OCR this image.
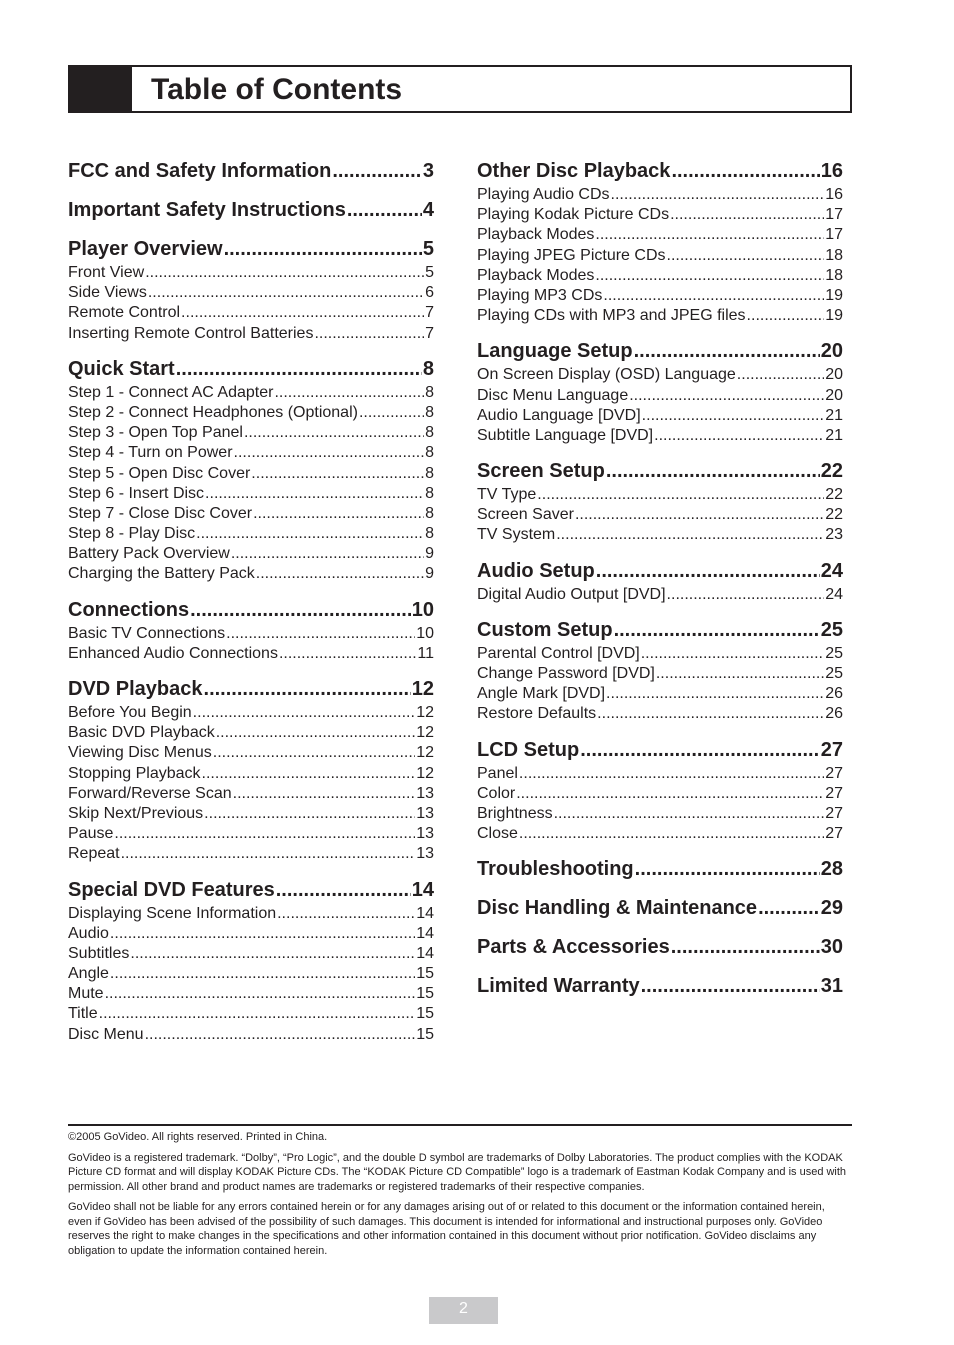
Table of Contents
FCC and Safety Information .....	3
Important Safety Instructions .....	4
Player Overview .....	5
Front View .....	5
Side Views .....	6
Remote Control .....	7
Inserting Remote Control Batteries .....	7
Quick Start .....	8
Step 1 - Connect AC Adapter .....	8
Step 2 - Connect Headphones (Optional) .....	8
Step 3 - Open Top Panel .....	8
Step 4 - Turn on Power .....	8
Step 5 - Open Disc Cover .....	8
Step 6 - Insert Disc .....	8
Step 7 - Close Disc Cover .....	8
Step 8 - Play Disc .....	8
Battery Pack Overview .....	9
Charging the Battery Pack .....	9
Connections .....	10
Basic TV Connections .....	10
Enhanced Audio Connections .....	11
DVD Playback .....	12
Before You Begin .....	12
Basic DVD Playback .....	12
Viewing Disc Menus .....	12
Stopping Playback .....	12
Forward/Reverse Scan .....	13
Skip Next/Previous .....	13
Pause .....	13
Repeat .....	13
Special DVD Features .....	14
Displaying Scene Information .....	14
Audio .....	14
Subtitles .....	14
Angle .....	15
Mute .....	15
Title .....	15
Disc Menu .....	15
Other Disc Playback .....	16
Playing Audio CDs .....	16
Playing Kodak Picture CDs .....	17
Playback Modes .....	17
Playing JPEG Picture CDs .....	18
Playback Modes .....	18
Playing MP3 CDs .....	19
Playing CDs with MP3 and JPEG files .....	19
Language Setup .....	20
On Screen Display (OSD) Language .....	20
Disc Menu Language .....	20
Audio Language [DVD] .....	21
Subtitle Language [DVD] .....	21
Screen Setup .....	22
TV Type .....	22
Screen Saver .....	22
TV System .....	23
Audio Setup .....	24
Digital Audio Output [DVD] .....	24
Custom Setup .....	25
Parental Control [DVD] .....	25
Change Password [DVD] .....	25
Angle Mark [DVD] .....	26
Restore Defaults .....	26
LCD Setup .....	27
Panel .....	27
Color .....	27
Brightness .....	27
Close .....	27
Troubleshooting .....	28
Disc Handling & Maintenance .....	29
Parts & Accessories .....	30
Limited Warranty .....	31

©2005 GoVideo. All rights reserved. Printed in China.

GoVideo is a registered trademark. “Dolby”, “Pro Logic”, and the double D symbol are trademarks of Dolby Laboratories. The product complies with the KODAK Picture CD format and will display KODAK Picture CDs. The “KODAK Picture CD Compatible” logo is a trademark of Eastman Kodak Company and is used with permission. All other brand and product names are trademarks or registered trademarks of their respective companies.

GoVideo shall not be liable for any errors contained herein or for any damages arising out of or related to this document or the information contained herein, even if GoVideo has been advised of the possibility of such damages. This document is intended for informational and instructional purposes only. GoVideo reserves the right to make changes in the specifications and other information contained in this document without prior notification. GoVideo disclaims any obligation to update the information contained herein.

2
